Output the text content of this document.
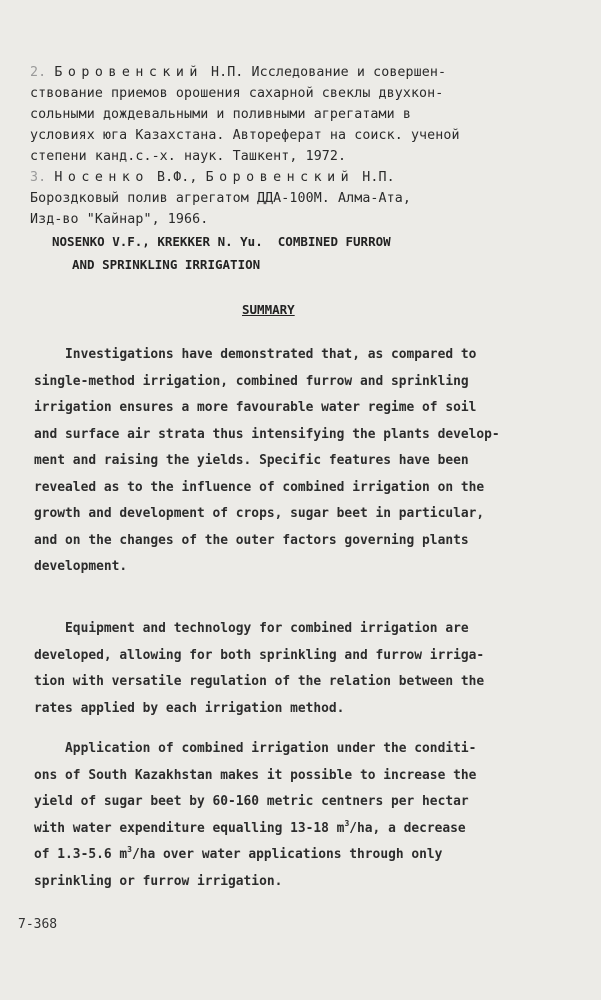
2. Боровенский Н.П. Исследование и совершен-
ствование приемов орошения сахарной свеклы двухкон-
сольными дождевальными и поливными агрегатами в
условиях юга Казахстана. Автореферат на соиск. ученой
степени канд.с.-х. наук. Ташкент, 1972.
3. Носенко В.Ф., Боровенский Н.П.
Бороздковый полив агрегатом ДДА-100М. Алма-Ата,
Изд-во "Кайнар", 1966.
NOSENKO V.F., KREKKER N. Yu.  COMBINED FURROW
AND SPRINKLING IRRIGATION
SUMMARY
Investigations have demonstrated that, as compared to
single-method irrigation, combined furrow and sprinkling
irrigation ensures a more favourable water regime of soil
and surface air strata thus intensifying the plants develop-
ment and raising the yields. Specific features have been
revealed as to the influence of combined irrigation on the
growth and development of crops, sugar beet in particular,
and on the changes of the outer factors governing plants
development.
Equipment and technology for combined irrigation are
developed, allowing for both sprinkling and furrow irriga-
tion with versatile regulation of the relation between the
rates applied by each irrigation method.
Application of combined irrigation under the conditi-
ons of South Kazakhstan makes it possible to increase the
yield of sugar beet by 60-160 metric centners per hectar
with water expenditure equalling 13-18 $m^3/ha$, a decrease
of 1.3-5.6 $m^3/ha$ over water applications through only
sprinkling or furrow irrigation.
7-368
